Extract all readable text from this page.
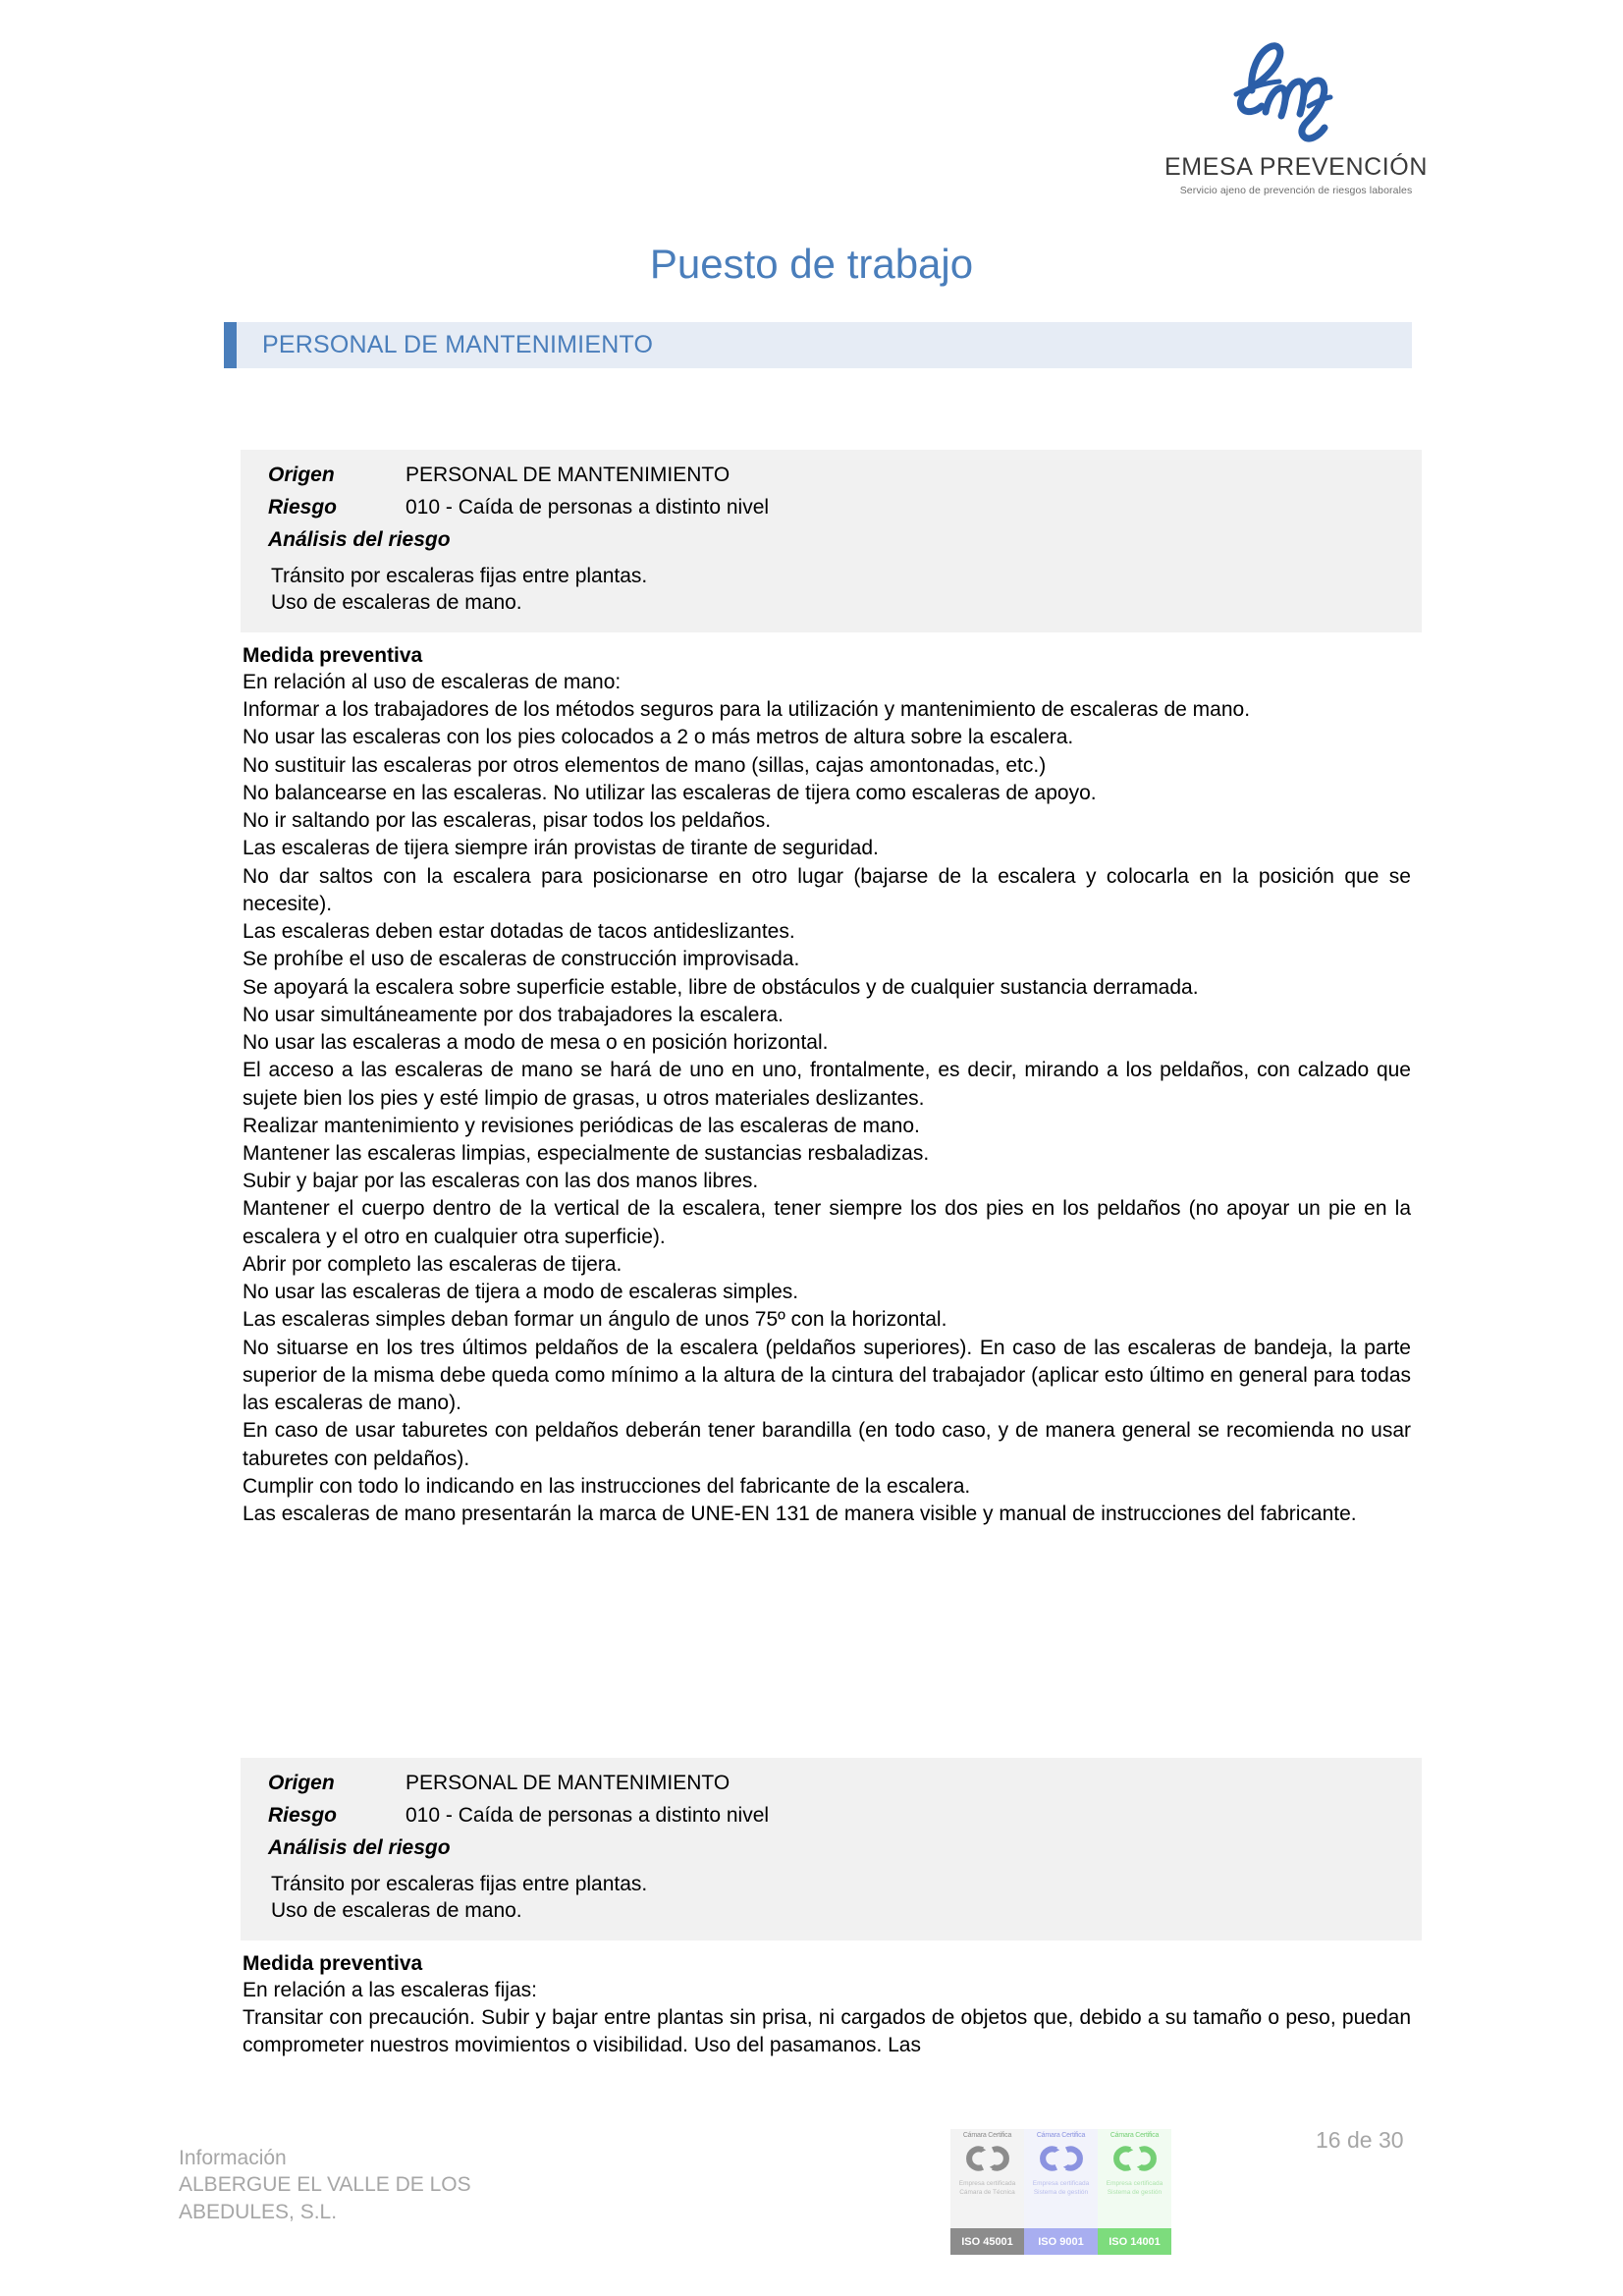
EMESA PREVENCIÓN
Servicio ajeno de prevención de riesgos laborales
Puesto de trabajo
PERSONAL DE MANTENIMIENTO
Origen	PERSONAL DE MANTENIMIENTO
Riesgo	010 - Caída de personas a distinto nivel
Análisis del riesgo
Tránsito por escaleras fijas entre plantas.
Uso de escaleras de mano.
Medida preventiva
En relación al uso de escaleras de mano:
Informar a los trabajadores de los métodos seguros para la utilización y mantenimiento de escaleras de mano.
No usar las escaleras con los pies colocados a 2 o más metros de altura sobre la escalera.
No sustituir las escaleras por otros elementos de mano (sillas, cajas amontonadas, etc.)
No balancearse en las escaleras. No utilizar las escaleras de tijera como escaleras de apoyo.
No ir saltando por las escaleras, pisar todos los peldaños.
Las escaleras de tijera siempre irán provistas de tirante de seguridad.
No dar saltos con la escalera para posicionarse en otro lugar (bajarse de la escalera y colocarla en la posición que se necesite).
Las escaleras deben estar dotadas de tacos antideslizantes.
Se prohíbe el uso de escaleras de construcción improvisada.
Se apoyará la escalera sobre superficie estable, libre de obstáculos y de cualquier sustancia derramada.
No usar simultáneamente por dos trabajadores la escalera.
No usar las escaleras a modo de mesa o en posición horizontal.
El acceso a las escaleras de mano se hará de uno en uno, frontalmente, es decir, mirando a los peldaños, con calzado que sujete bien los pies y esté limpio de grasas, u otros materiales deslizantes.
Realizar mantenimiento y revisiones periódicas de las escaleras de mano.
Mantener las escaleras limpias, especialmente de sustancias resbaladizas.
Subir y bajar por las escaleras con las dos manos libres.
Mantener el cuerpo dentro de la vertical de la escalera, tener siempre los dos pies en los peldaños (no apoyar un pie en la escalera y el otro en cualquier otra superficie).
Abrir por completo las escaleras de tijera.
No usar las escaleras de tijera a modo de escaleras simples.
Las escaleras simples deban formar un ángulo de unos 75º con la horizontal.
No situarse en los tres últimos peldaños de la escalera (peldaños superiores). En caso de las escaleras de bandeja, la parte superior de la misma debe queda como mínimo a la altura de la cintura del trabajador (aplicar esto último en general para todas las escaleras de mano).
En caso de usar taburetes con peldaños deberán tener barandilla (en todo caso, y de manera general se recomienda no usar taburetes con peldaños).
Cumplir con todo lo indicando en las instrucciones del fabricante de la escalera.
Las escaleras de mano presentarán la marca de UNE-EN 131 de manera visible y manual de instrucciones del fabricante.
Origen	PERSONAL DE MANTENIMIENTO
Riesgo	010 - Caída de personas a distinto nivel
Análisis del riesgo
Tránsito por escaleras fijas entre plantas.
Uso de escaleras de mano.
Medida preventiva
En relación a las escaleras fijas:
Transitar con precaución. Subir y bajar entre plantas sin prisa, ni cargados de objetos que, debido a su tamaño o peso, puedan comprometer nuestros movimientos o visibilidad. Uso del pasamanos. Las
Información
ALBERGUE EL VALLE DE LOS
ABEDULES, S.L.
16 de 30
Cámara Certifica
Empresa certificada Cámara de Técnica
ISO 45001
Cámara Certifica
Empresa certificada Sistema de gestión
ISO 9001
Cámara Certifica
Empresa certificada Sistema de gestión
ISO 14001
